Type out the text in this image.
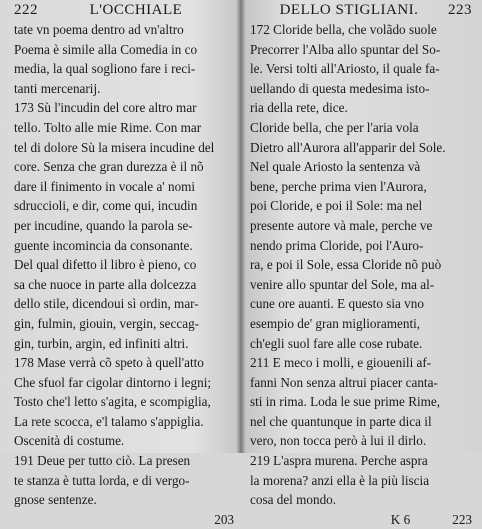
222	L'OCCHIALE
tate vn poema dentro ad vn'altro
Poema è simile alla Comedia in co
media, la qual sogliono fare i reci-
tanti mercenarij.
173 Sù l'incudin del core altro mar
tello. Tolto alle mie Rime. Con mar
tel di dolore Sù la misera incudine del
core. Senza che gran durezza è il nõ
dare il finimento in vocale a' nomi
sdruccioli, e dir, come qui, incudin
per incudine, quando la parola se-
guente incomincia da consonante.
Del qual difetto il libro è pieno, co
sa che nuoce in parte alla dolcezza
dello stile, dicendoui sì ordin, mar-
gin, fulmin, giouin, vergin, seccag-
gin, turbin, argin, ed infiniti altri.
178 Mase verrà cõ speto à quell'atto
Che sfuol far cigolar dintorno i legni;
Tosto che'l letto s'agita, e scompiglia,
La rete scocca, e'l talamo s'appiglia.
Oscenità di costume.
191 Deue per tutto ciò. La presen
te stanza è tutta lorda, e di vergo-
gnose sentenze.
203
DELLO STIGLIANI. 223
172 Cloride bella, che volãdo suole
Precorrer l'Alba allo spuntar del So-
le. Versi tolti all'Ariosto, il quale fa-
uellando di questa medesima isto-
ria della rete, dice.
Cloride bella, che per l'aria vola
Dietro all'Aurora all'apparir del Sole.
Nel quale Ariosto la sentenza và
bene, perche prima vien l'Aurora,
poi Cloride, e poi il Sole: ma nel
presente autore và male, perche ve
nendo prima Cloride, poi l'Auro-
ra, e poi il Sole, essa Cloride nõ può
venire allo spuntar del Sole, ma al-
cune ore auanti. E questo sia vno
esempio de' gran miglioramenti,
ch'egli suol fare alle cose rubate.
211 E meco i molli, e giouenili af-
fanni Non senza altrui piacer canta-
sti in rima. Loda le sue prime Rime,
nel che quantunque in parte dica il
vero, non tocca però à lui il dirlo.
219 L'aspra murena. Perche aspra
la morena? anzi ella è la più liscia
cosa del mondo.
K 6	223
